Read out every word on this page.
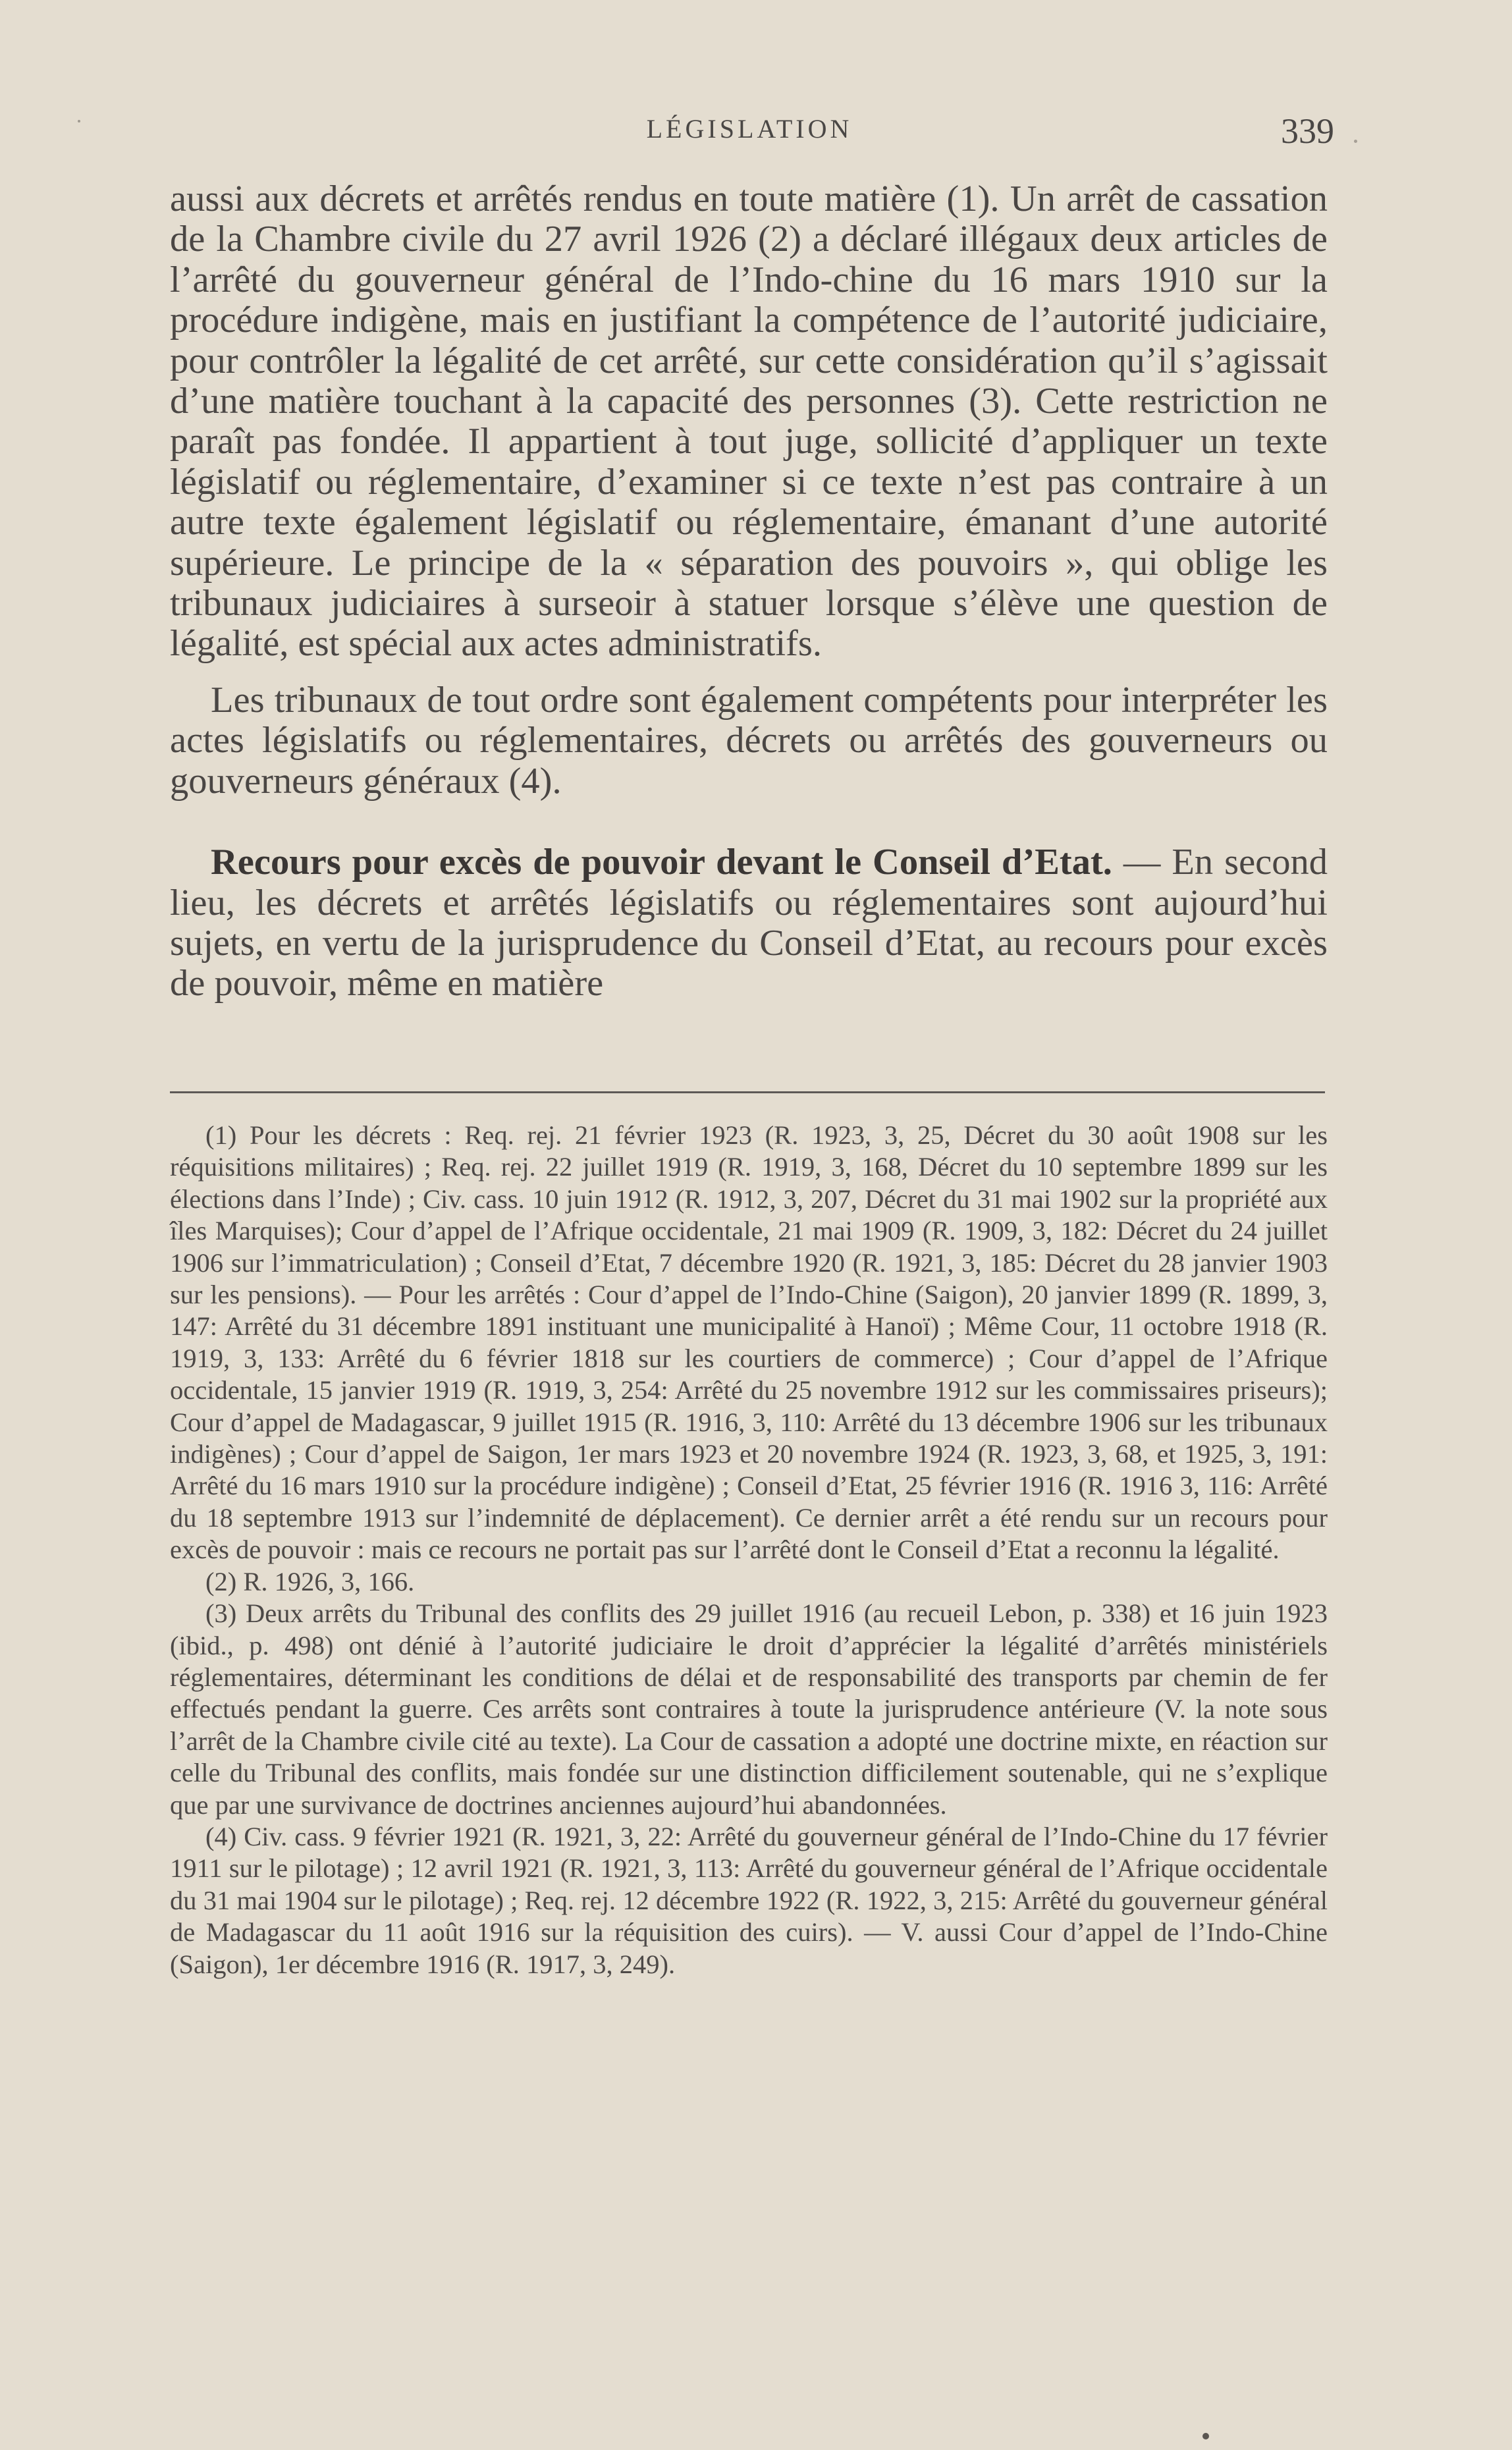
LÉGISLATION	339

aussi aux décrets et arrêtés rendus en toute matière (1). Un arrêt de cassation de la Chambre civile du 27 avril 1926 (2) a déclaré illégaux deux articles de l’arrêté du gouverneur général de l’Indo-chine du 16 mars 1910 sur la procédure indigène, mais en justifiant la compétence de l’autorité judiciaire, pour contrôler la légalité de cet arrêté, sur cette considération qu’il s’agissait d’une matière touchant à la capacité des personnes (3). Cette restriction ne paraît pas fondée. Il appartient à tout juge, sollicité d’appliquer un texte législatif ou réglementaire, d’examiner si ce texte n’est pas contraire à un autre texte également législatif ou réglementaire, émanant d’une autorité supérieure. Le principe de la « séparation des pouvoirs », qui oblige les tribunaux judiciaires à surseoir à statuer lorsque s’élève une question de légalité, est spécial aux actes administratifs.

Les tribunaux de tout ordre sont également compétents pour interpréter les actes législatifs ou réglementaires, décrets ou arrêtés des gouverneurs ou gouverneurs généraux (4).

Recours pour excès de pouvoir devant le Conseil d’Etat. — En second lieu, les décrets et arrêtés législatifs ou réglementaires sont aujourd’hui sujets, en vertu de la jurisprudence du Conseil d’Etat, au recours pour excès de pouvoir, même en matière

(1) Pour les décrets : Req. rej. 21 février 1923 (R. 1923, 3, 25, Décret du 30 août 1908 sur les réquisitions militaires) ; Req. rej. 22 juillet 1919 (R. 1919, 3, 168, Décret du 10 septembre 1899 sur les élections dans l’Inde) ; Civ. cass. 10 juin 1912 (R. 1912, 3, 207, Décret du 31 mai 1902 sur la propriété aux îles Marquises); Cour d’appel de l’Afrique occidentale, 21 mai 1909 (R. 1909, 3, 182: Décret du 24 juillet 1906 sur l’immatriculation) ; Conseil d’Etat, 7 décembre 1920 (R. 1921, 3, 185: Décret du 28 janvier 1903 sur les pensions). — Pour les arrêtés : Cour d’appel de l’Indo-Chine (Saigon), 20 janvier 1899 (R. 1899, 3, 147: Arrêté du 31 décembre 1891 instituant une municipalité à Hanoï) ; Même Cour, 11 octobre 1918 (R. 1919, 3, 133: Arrêté du 6 février 1818 sur les courtiers de commerce) ; Cour d’appel de l’Afrique occidentale, 15 janvier 1919 (R. 1919, 3, 254: Arrêté du 25 novembre 1912 sur les commissaires priseurs); Cour d’appel de Madagascar, 9 juillet 1915 (R. 1916, 3, 110: Arrêté du 13 décembre 1906 sur les tribunaux indigènes) ; Cour d’appel de Saigon, 1er mars 1923 et 20 novembre 1924 (R. 1923, 3, 68, et 1925, 3, 191: Arrêté du 16 mars 1910 sur la procédure indigène) ; Conseil d’Etat, 25 février 1916 (R. 1916 3, 116: Arrêté du 18 septembre 1913 sur l’indemnité de déplacement). Ce dernier arrêt a été rendu sur un recours pour excès de pouvoir : mais ce recours ne portait pas sur l’arrêté dont le Conseil d’Etat a reconnu la légalité.

(2) R. 1926, 3, 166.

(3) Deux arrêts du Tribunal des conflits des 29 juillet 1916 (au recueil Lebon, p. 338) et 16 juin 1923 (ibid., p. 498) ont dénié à l’autorité judiciaire le droit d’apprécier la légalité d’arrêtés ministériels réglementaires, déterminant les conditions de délai et de responsabilité des transports par chemin de fer effectués pendant la guerre. Ces arrêts sont contraires à toute la jurisprudence antérieure (V. la note sous l’arrêt de la Chambre civile cité au texte). La Cour de cassation a adopté une doctrine mixte, en réaction sur celle du Tribunal des conflits, mais fondée sur une distinction difficilement soutenable, qui ne s’explique que par une survivance de doctrines anciennes aujourd’hui abandonnées.

(4) Civ. cass. 9 février 1921 (R. 1921, 3, 22: Arrêté du gouverneur général de l’Indo-Chine du 17 février 1911 sur le pilotage) ; 12 avril 1921 (R. 1921, 3, 113: Arrêté du gouverneur général de l’Afrique occidentale du 31 mai 1904 sur le pilotage) ; Req. rej. 12 décembre 1922 (R. 1922, 3, 215: Arrêté du gouverneur général de Madagascar du 11 août 1916 sur la réquisition des cuirs). — V. aussi Cour d’appel de l’Indo-Chine (Saigon), 1er décembre 1916 (R. 1917, 3, 249).
